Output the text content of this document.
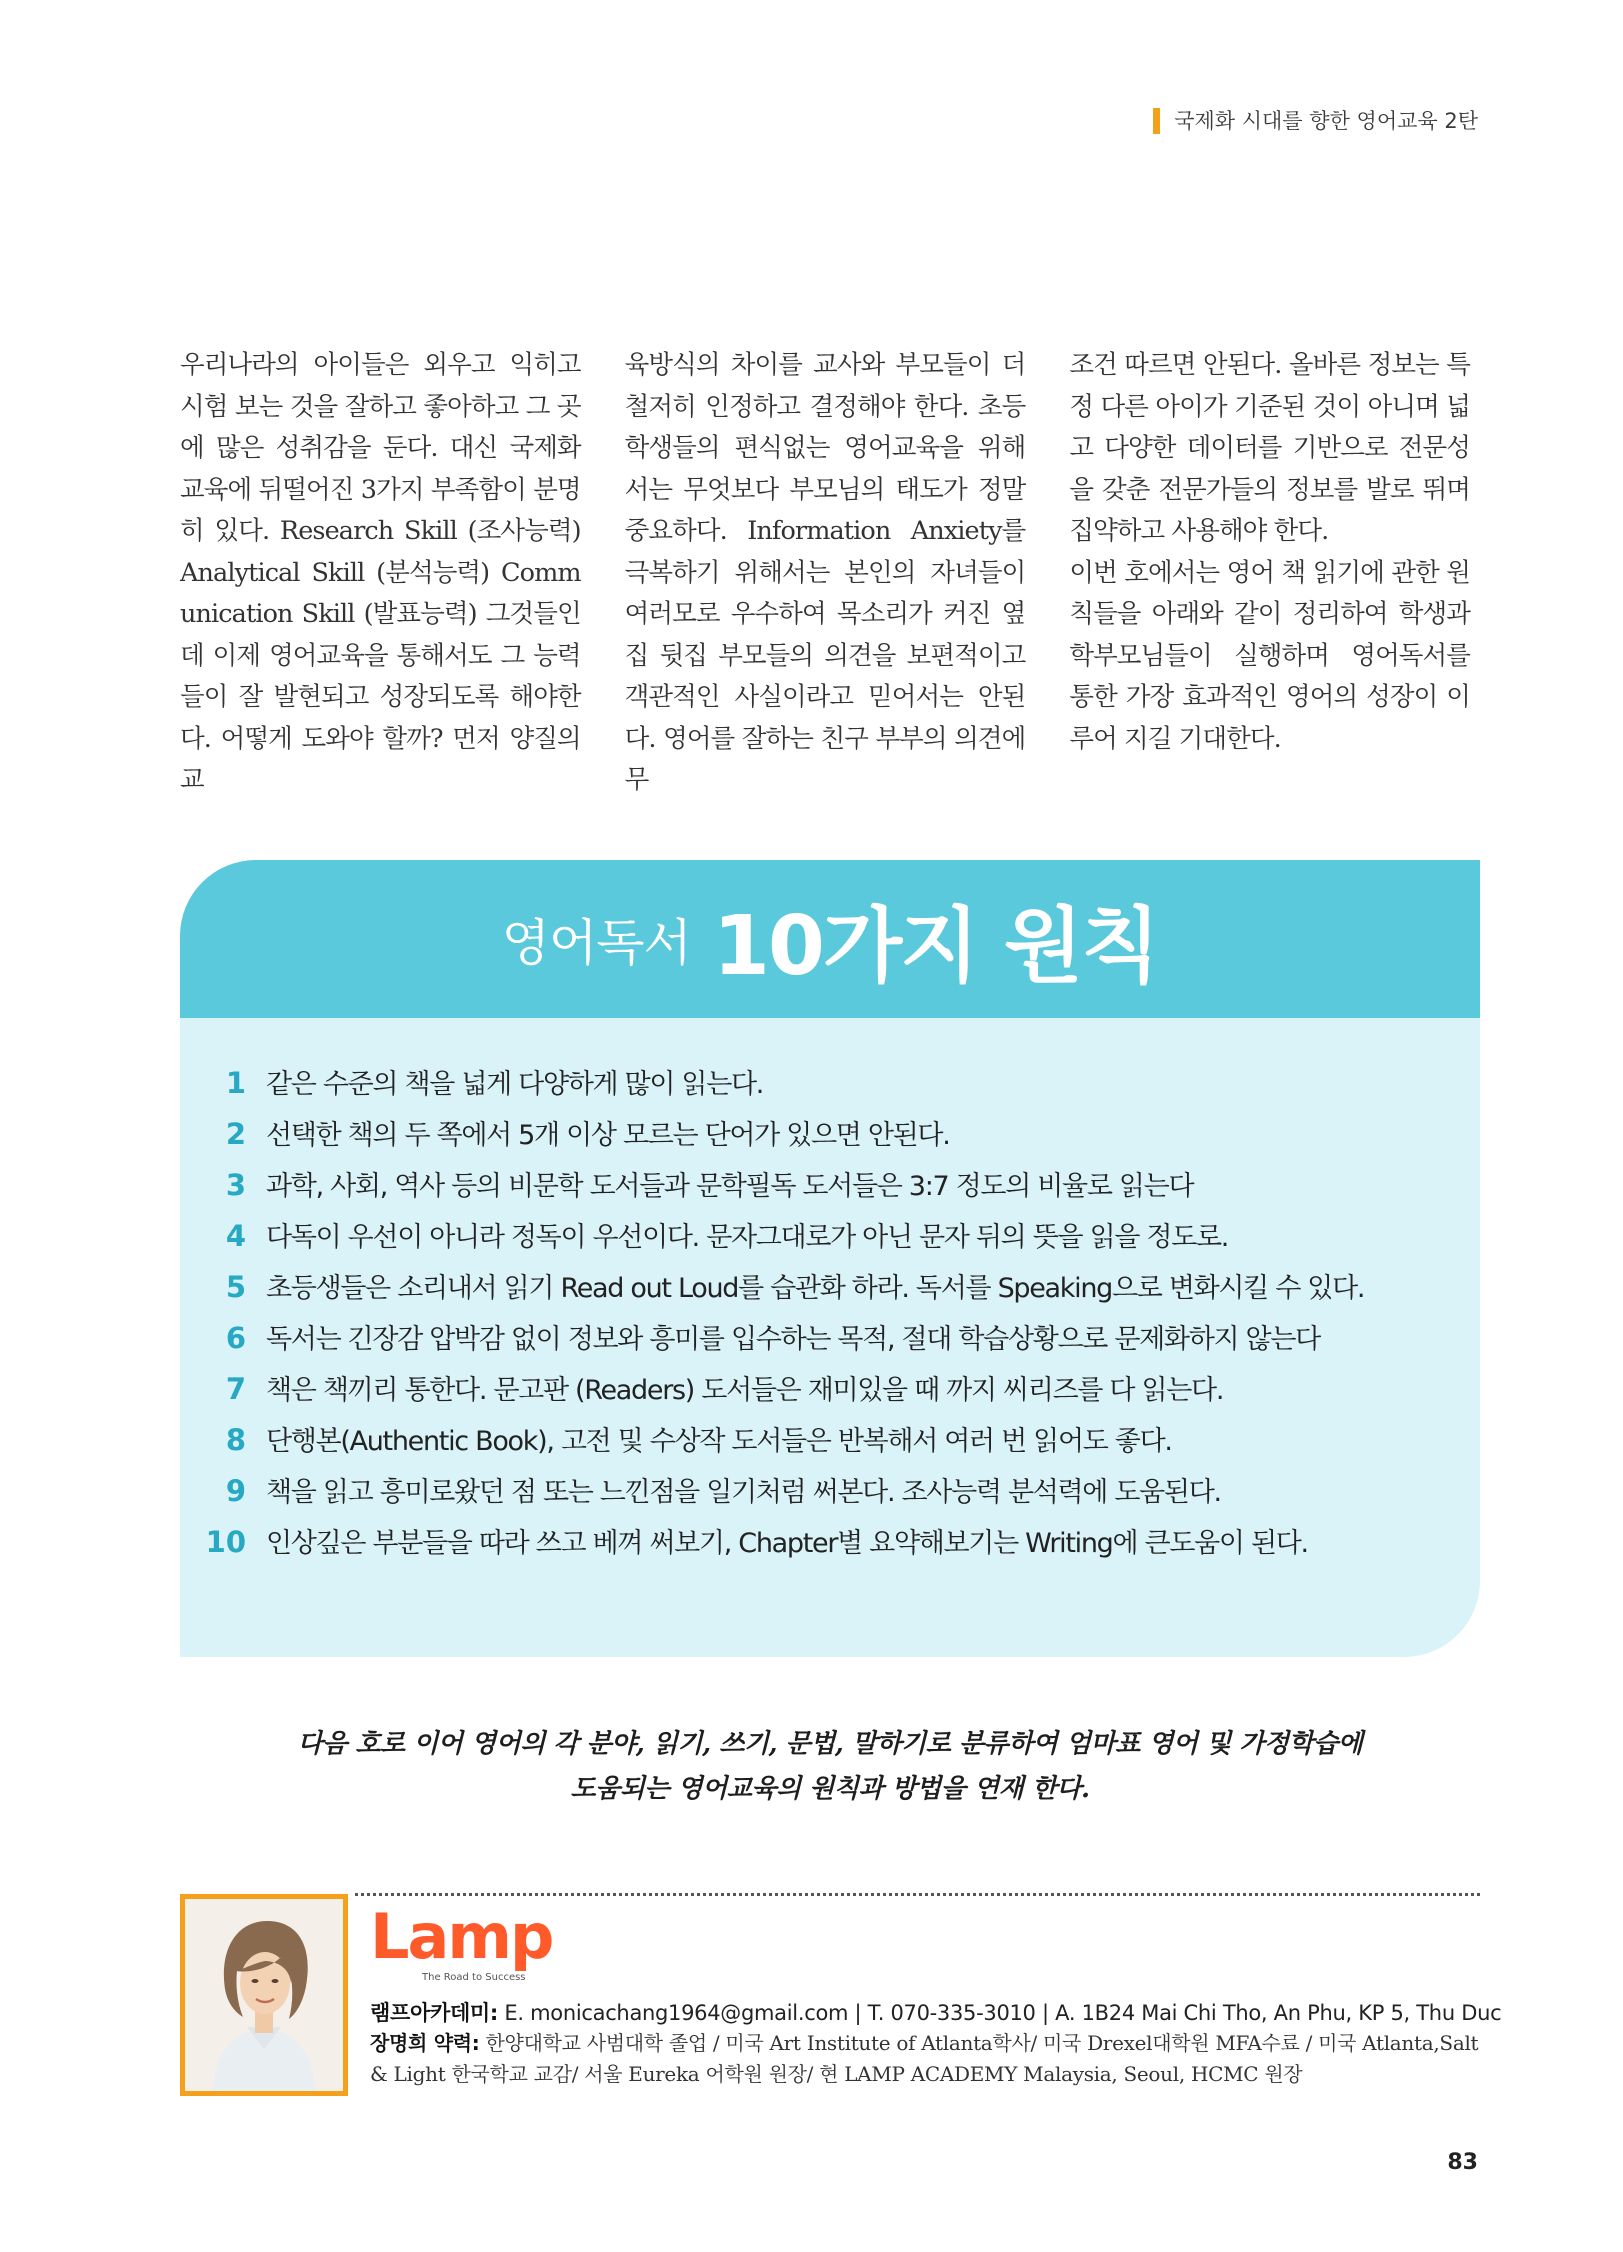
국제화 시대를 향한 영어교육 2탄

우리나라의 아이들은 외우고 익히고 시험 보는 것을 잘하고 좋아하고 그 곳에 많은 성취감을 둔다. 대신 국제화 교육에 뒤떨어진 3가지 부족함이 분명히 있다. Research Skill (조사능력) Analytical Skill (분석능력) Communication Skill (발표능력) 그것들인데 이제 영어교육을 통해서도 그 능력들이 잘 발현되고 성장되도록 해야한다. 어떻게 도와야 할까? 먼저 양질의 교

육방식의 차이를 교사와 부모들이 더 철저히 인정하고 결정해야 한다. 초등학생들의 편식없는 영어교육을 위해서는 무엇보다 부모님의 태도가 정말 중요하다. Information Anxiety를 극복하기 위해서는 본인의 자녀들이 여러모로 우수하여 목소리가 커진 옆집 뒷집 부모들의 의견을 보편적이고 객관적인 사실이라고 믿어서는 안된다. 영어를 잘하는 친구 부부의 의견에 무

조건 따르면 안된다. 올바른 정보는 특정 다른 아이가 기준된 것이 아니며 넓고 다양한 데이터를 기반으로 전문성을 갖춘 전문가들의 정보를 발로 뛰며 집약하고 사용해야 한다.

이번 호에서는 영어 책 읽기에 관한 원칙들을 아래와 같이 정리하여 학생과 학부모님들이 실행하며 영어독서를 통한 가장 효과적인 영어의 성장이 이루어 지길 기대한다.

영어독서 10가지 원칙
1 같은 수준의 책을 넓게 다양하게 많이 읽는다.
2 선택한 책의 두 쪽에서 5개 이상 모르는 단어가 있으면 안된다.
3 과학, 사회, 역사 등의 비문학 도서들과 문학필독 도서들은 3:7 정도의 비율로 읽는다
4 다독이 우선이 아니라 정독이 우선이다. 문자그대로가 아닌 문자 뒤의 뜻을 읽을 정도로.
5 초등생들은 소리내서 읽기 Read out Loud를 습관화 하라. 독서를 Speaking으로 변화시킬 수 있다.
6 독서는 긴장감 압박감 없이 정보와 흥미를 입수하는 목적, 절대 학습상황으로 문제화하지 않는다
7 책은 책끼리 통한다. 문고판 (Readers) 도서들은 재미있을 때 까지 씨리즈를 다 읽는다.
8 단행본(Authentic Book), 고전 및 수상작 도서들은 반복해서 여러 번 읽어도 좋다.
9 책을 읽고 흥미로왔던 점 또는 느낀점을 일기처럼 써본다. 조사능력 분석력에 도움된다.
10 인상깊은 부분들을 따라 쓰고 베껴 써보기, Chapter별 요약해보기는 Writing에 큰도움이 된다.

다음 호로 이어 영어의 각 분야, 읽기, 쓰기, 문법, 말하기로 분류하여 엄마표 영어 및 가정학습에

도움되는 영어교육의 원칙과 방법을 연재 한다.

Lamp
The Road to Success

램프아카데미: E. monicachang1964@gmail.com | T. 070-335-3010 | A. 1B24 Mai Chi Tho, An Phu, KP 5, Thu Duc

장명희 약력: 한양대학교 사범대학 졸업 / 미국 Art Institute of Atlanta학사/ 미국 Drexel대학원 MFA수료 / 미국 Atlanta,Salt & Light 한국학교 교감/ 서울 Eureka 어학원 원장/ 현 LAMP ACADEMY Malaysia, Seoul, HCMC 원장

83
